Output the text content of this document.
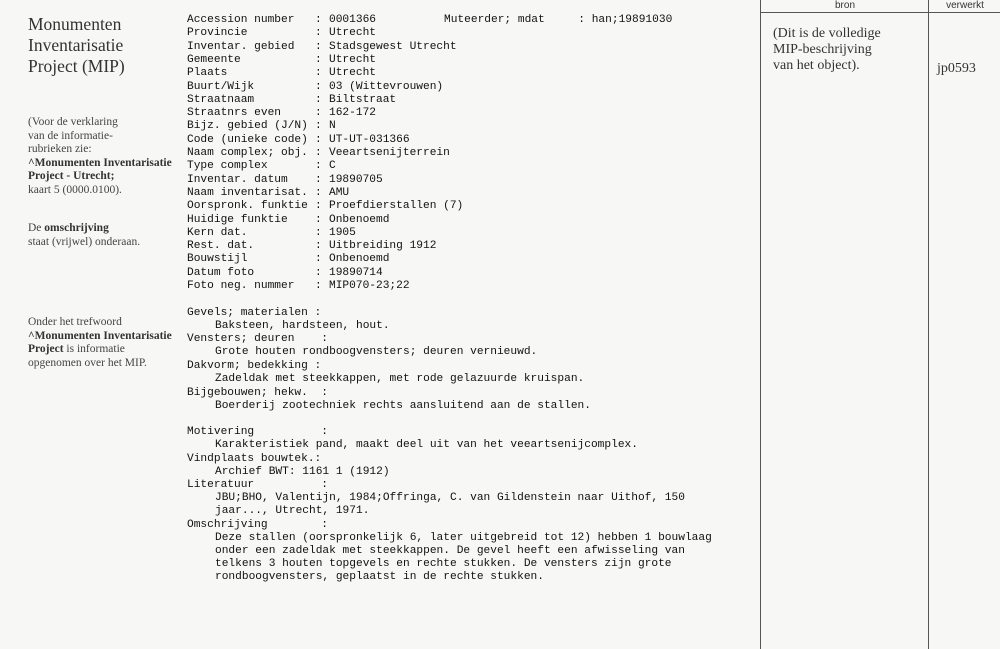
Monumenten
Inventarisatie
Project (MIP)
(Voor de verklaring
van de informatie-
rubrieken zie:
^Monumenten Inventarisatie
Project - Utrecht;
kaart 5 (0000.0100).
De omschrijving
staat (vrijwel) onderaan.
Onder het trefwoord
^Monumenten Inventarisatie
Project is informatie
opgenomen over het MIP.
Muteerder; mdat     : han;19891030
Accession number : 0001366
Provincie	: Utrecht
Inventar. gebied : Stadsgewest Utrecht
Gemeente	: Utrecht
Plaats	: Utrecht
Buurt/Wijk	: 03 (Wittevrouwen)
Straatnaam	: Biltstraat
Straatnrs even	: 162-172
Bijz. gebied (J/N) : N
Code (unieke code) : UT-UT-031366
Naam complex; obj. : Veeartsenijterrein
Type complex	: C
Inventar. datum : 19890705
Naam inventarisat. : AMU
Oorspronk. funktie : Proefdierstallen (7)
Huidige funktie : Onbenoemd
Kern dat.	: 1905
Rest. dat.	: Uitbreiding 1912
Bouwstijl	: Onbenoemd
Datum foto	: 19890714
Foto neg. nummer : MIP070-23;22
Gevels; materialen :
Baksteen, hardsteen, hout.
Vensters; deuren    :
Grote houten rondboogvensters; deuren vernieuwd.
Dakvorm; bedekking :
Zadeldak met steekkappen, met rode gelazuurde kruispan.
Bijgebouwen; hekw.  :
Boerderij zootechniek rechts aansluitend aan de stallen.
Motivering          :
Karakteristiek pand, maakt deel uit van het veeartsenijcomplex.
Vindplaats bouwtek.:
Archief BWT: 1161 1 (1912)
Literatuur          :
JBU;BHO, Valentijn, 1984;Offringa, C. van Gildenstein naar Uithof, 150
jaar..., Utrecht, 1971.
Omschrijving        :
Deze stallen (oorspronkelijk 6, later uitgebreid tot 12) hebben 1 bouwlaag
onder een zadeldak met steekkappen. De gevel heeft een afwisseling van
telkens 3 houten topgevels en rechte stukken. De vensters zijn grote
rondboogvensters, geplaatst in de rechte stukken.
bron	verwerkt
(Dit is de volledige
MIP-beschrijving
van het object).	jp0593
